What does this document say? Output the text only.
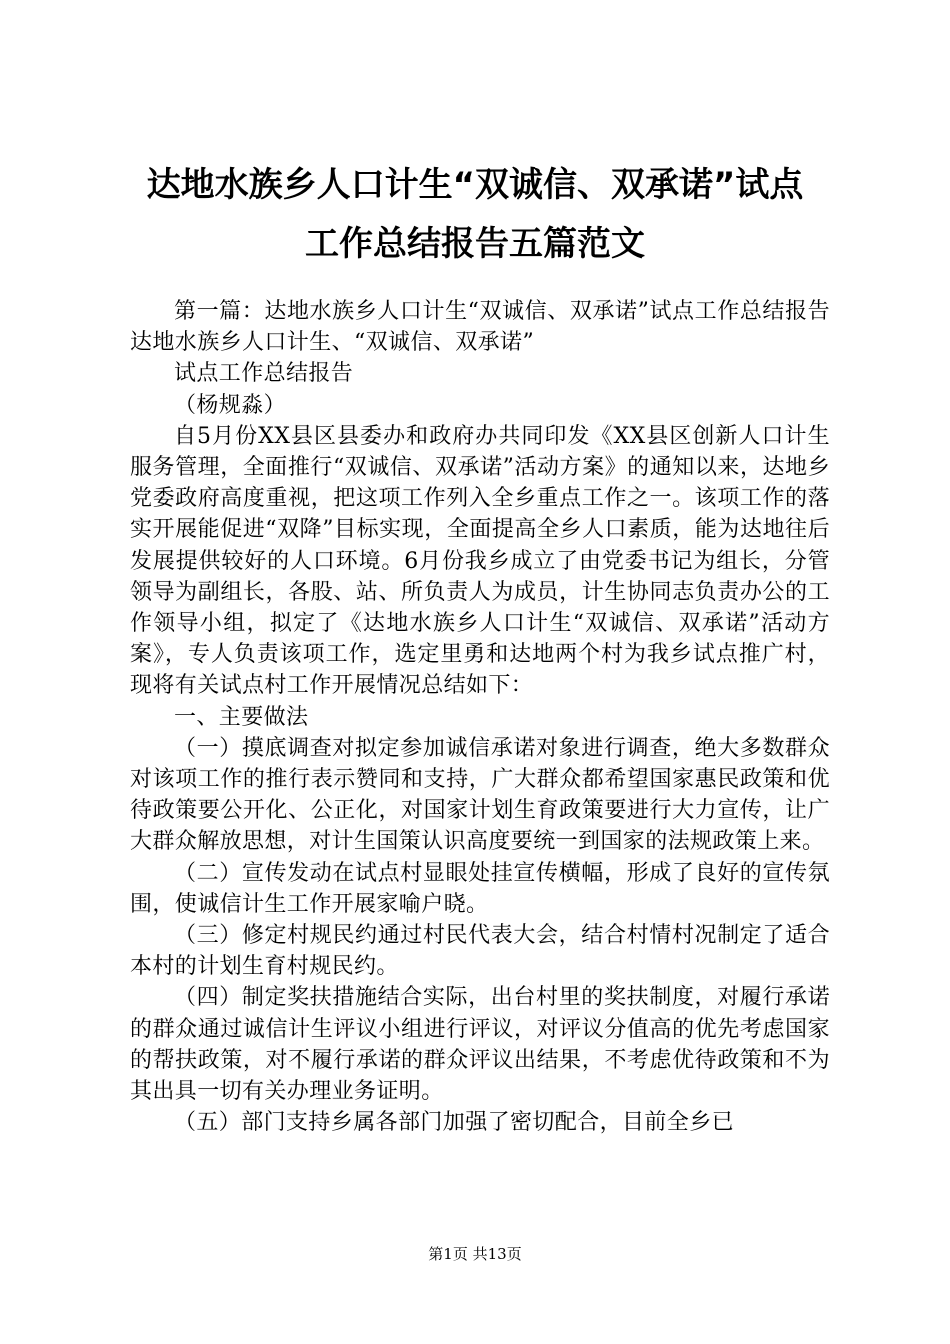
达地水族乡人口计生“双诚信、双承诺”试点
工作总结报告五篇范文

第一篇：达地水族乡人口计生“双诚信、双承诺”试点工作总结报告达地水族乡人口计生、“双诚信、双承诺”

试点工作总结报告

（杨规淼）

自5月份XX县区县委办和政府办共同印发《XX县区创新人口计生服务管理，全面推行“双诚信、双承诺”活动方案》的通知以来，达地乡党委政府高度重视，把这项工作列入全乡重点工作之一。该项工作的落实开展能促进“双降”目标实现，全面提高全乡人口素质，能为达地往后发展提供较好的人口环境。6月份我乡成立了由党委书记为组长，分管领导为副组长，各股、站、所负责人为成员，计生协同志负责办公的工作领导小组，拟定了《达地水族乡人口计生“双诚信、双承诺”活动方案》，专人负责该项工作，选定里勇和达地两个村为我乡试点推广村，现将有关试点村工作开展情况总结如下：

一、主要做法

（一）摸底调查对拟定参加诚信承诺对象进行调查，绝大多数群众对该项工作的推行表示赞同和支持，广大群众都希望国家惠民政策和优待政策要公开化、公正化，对国家计划生育政策要进行大力宣传，让广大群众解放思想，对计生国策认识高度要统一到国家的法规政策上来。

（二）宣传发动在试点村显眼处挂宣传横幅，形成了良好的宣传氛围，使诚信计生工作开展家喻户晓。

（三）修定村规民约通过村民代表大会，结合村情村况制定了适合本村的计划生育村规民约。

（四）制定奖扶措施结合实际，出台村里的奖扶制度，对履行承诺的群众通过诚信计生评议小组进行评议，对评议分值高的优先考虑国家的帮扶政策，对不履行承诺的群众评议出结果，不考虑优待政策和不为其出具一切有关办理业务证明。

（五）部门支持乡属各部门加强了密切配合，目前全乡已

第1页 共13页
